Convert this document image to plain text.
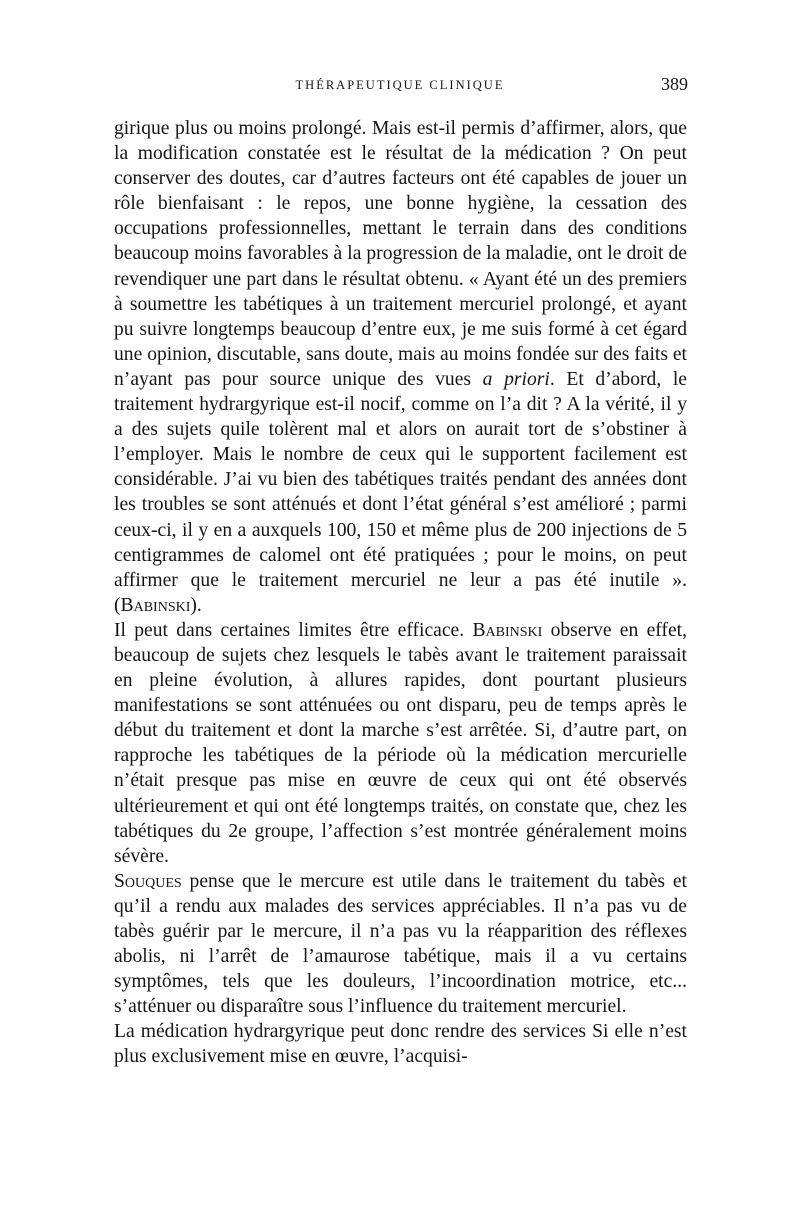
THÉRAPEUTIQUE CLINIQUE	389

girique plus ou moins prolongé. Mais est-il permis d’affirmer, alors, que la modification constatée est le résultat de la médication ? On peut conserver des doutes, car d’autres facteurs ont été capables de jouer un rôle bienfaisant : le repos, une bonne hygiène, la cessation des occupations professionnelles, mettant le terrain dans des conditions beaucoup moins favorables à la progression de la maladie, ont le droit de revendiquer une part dans le résultat obtenu. « Ayant été un des premiers à soumettre les tabétiques à un traitement mercuriel prolongé, et ayant pu suivre longtemps beaucoup d’entre eux, je me suis formé à cet égard une opinion, discutable, sans doute, mais au moins fondée sur des faits et n’ayant pas pour source unique des vues a priori. Et d’abord, le traitement hydrargyrique est-il nocif, comme on l’a dit ? A la vérité, il y a des sujets quile tolèrent mal et alors on aurait tort de s’obstiner à l’employer. Mais le nombre de ceux qui le supportent facilement est considérable. J’ai vu bien des tabétiques traités pendant des années dont les troubles se sont atténués et dont l’état général s’est amélioré ; parmi ceux-ci, il y en a auxquels 100, 150 et même plus de 200 injections de 5 centigrammes de calomel ont été pratiquées ; pour le moins, on peut affirmer que le traitement mercuriel ne leur a pas été inutile ». (Babinski).

Il peut dans certaines limites être efficace. Babinski observe en effet, beaucoup de sujets chez lesquels le tabès avant le traitement paraissait en pleine évolution, à allures rapides, dont pourtant plusieurs manifestations se sont atténuées ou ont disparu, peu de temps après le début du traitement et dont la marche s’est arrêtée. Si, d’autre part, on rapproche les tabétiques de la période où la médication mercurielle n’était presque pas mise en œuvre de ceux qui ont été observés ultérieurement et qui ont été longtemps traités, on constate que, chez les tabétiques du 2e groupe, l’affection s’est montrée généralement moins sévère.

Souques pense que le mercure est utile dans le traitement du tabès et qu’il a rendu aux malades des services appréciables. Il n’a pas vu de tabès guérir par le mercure, il n’a pas vu la réapparition des réflexes abolis, ni l’arrêt de l’amaurose tabétique, mais il a vu certains symptômes, tels que les douleurs, l’incoordination motrice, etc... s’atténuer ou disparaître sous l’influence du traitement mercuriel.

La médication hydrargyrique peut donc rendre des services Si elle n’est plus exclusivement mise en œuvre, l’acquisi-
